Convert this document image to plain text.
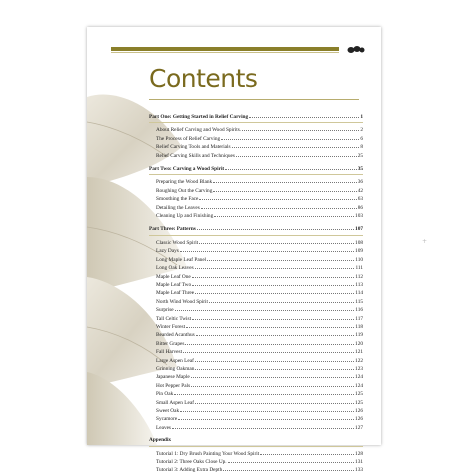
Contents
Part One: Getting Started in Relief Carving	1
About Relief Carving and Wood Spirits.	2
The Process of Relief Carving	6
Relief Carving Tools and Materials	8
Relief Carving Skills and Techniques	25
Part Two: Carving a Wood Spirit	35
Preparing the Wood Blank	36
Roughing Out the Carving	42
Smoothing the Face	63
Detailing the Leaves	86
Cleaning Up and Finishing	103
Part Three: Patterns	107
Classic Wood Spirit	108
Lazy Days	109
Long Maple Leaf Panel	110
Long Oak Leaves	111
Maple Leaf One	112
Maple Leaf Two	113
Maple Leaf Three	114
North Wind Wood Spirit	115
Surprise	116
Tall Celtic Twist	117
Winter Forest	118
Bearded Acanthus	119
Bitter Grapes	120
Fall Harvest	121
Large Aspen Leaf	122
Grinning Oakman	123
Japanese Maple	124
Hot Pepper Pals	124
Pin Oak	125
Small Aspen Leaf	125
Sweet Oak	126
Sycamore	126
Leaves	127
Appendix
Tutorial 1: Dry Brush Painting Your Wood Spirit	128
Tutorial 2: Three Oaks Close Up.	131
Tutorial 3: Adding Extra Depth	133
+
